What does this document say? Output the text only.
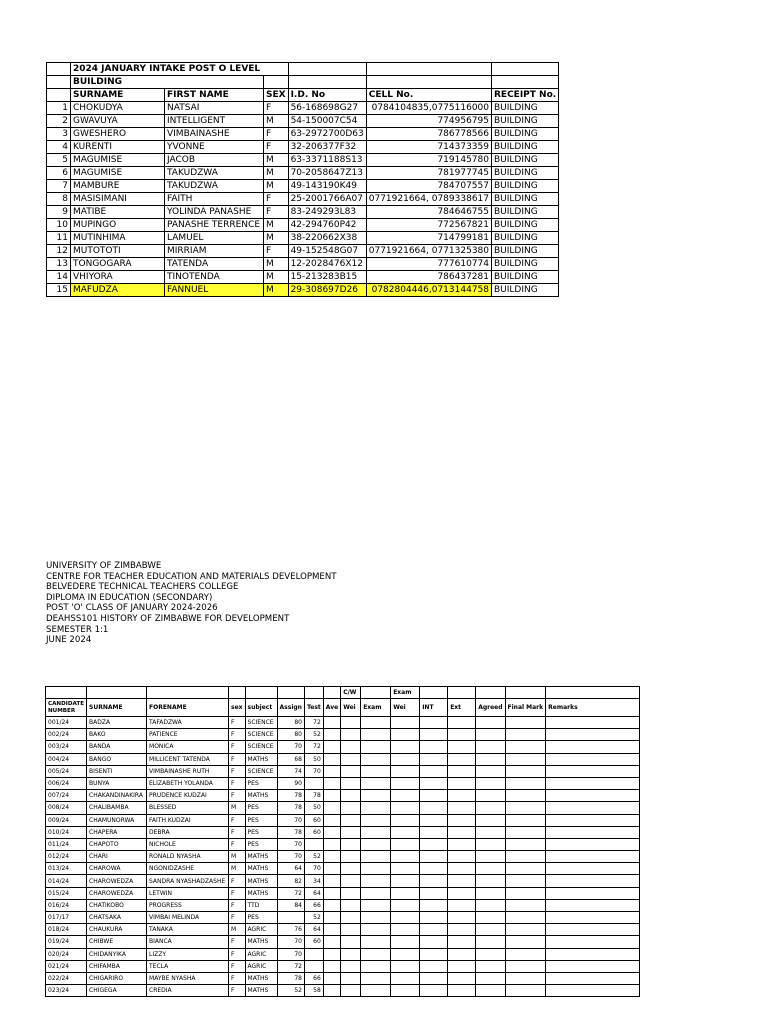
	2024 JANUARY INTAKE POST O LEVEL					
	BUILDING					
	SURNAME	FIRST NAME	SEX	I.D. No	CELL No.	RECEIPT No.
1	CHOKUDYA	NATSAI	F	56-168698G27	0784104835,0775116000	BUILDING
2	GWAVUYA	INTELLIGENT	M	54-150007C54	774956795	BUILDING
3	GWESHERO	VIMBAINASHE	F	63-2972700D63	786778566	BUILDING
4	KURENTI	YVONNE	F	32-206377F32	714373359	BUILDING
5	MAGUMISE	JACOB	M	63-3371188S13	719145780	BUILDING
6	MAGUMISE	TAKUDZWA	M	70-2058647Z13	781977745	BUILDING
7	MAMBURE	TAKUDZWA	M	49-143190K49	784707557	BUILDING
8	MASISIMANI	FAITH	F	25-2001766A07	0771921664, 0789338617	BUILDING
9	MATIBE	YOLINDA PANASHE	F	83-249293L83	784646755	BUILDING
10	MUPINGO	PANASHE TERRENCE	M	42-294760P42	772567821	BUILDING
11	MUTINHIMA	LAMUEL	M	38-220662X38	714799181	BUILDING
12	MUTOTOTI	MIRRIAM	F	49-152548G07	0771921664, 0771325380	BUILDING
13	TONGOGARA	TATENDA	M	12-2028476X12	777610774	BUILDING
14	VHIYORA	TINOTENDA	M	15-213283B15	786437281	BUILDING
15	MAFUDZA	FANNUEL	M	29-308697D26	0782804446,0713144758	BUILDING
UNIVERSITY OF ZIMBABWE
CENTRE FOR TEACHER EDUCATION AND MATERIALS DEVELOPMENT
BELVEDERE TECHNICAL TEACHERS COLLEGE
DIPLOMA IN EDUCATION (SECONDARY)
POST 'O' CLASS OF JANUARY 2024-2026
DEAHSS101 HISTORY OF ZIMBABWE FOR DEVELOPMENT
SEMESTER 1:1
JUNE 2024
								C/W		Exam					
CANDIDATE NUMBER	SURNAME	FORENAME	sex	subject	Assign	Test	Ave	Wei	Exam	Wei	INT	Ext	Agreed	Final Mark	Remarks
001/24	BADZA	TAFADZWA	F	SCIENCE	80	72									
002/24	BAKO	PATIENCE	F	SCIENCE	80	52									
003/24	BANDA	MONICA	F	SCIENCE	70	72									
004/24	BANGO	MILLICENT TATENDA	F	MATHS	68	50									
005/24	BISENTI	VIMBAINASHE RUTH	F	SCIENCE	74	70									
006/24	BUNYA	ELIZABETH YOLANDA	F	PES	90										
007/24	CHAKANDINAKIRA	PRUDENCE KUDZAI	F	MATHS	78	78									
008/24	CHALIBAMBA	BLESSED	M	PES	78	50									
009/24	CHAMUNORWA	FAITH KUDZAI	F	PES	70	60									
010/24	CHAPERA	DEBRA	F	PES	78	60									
011/24	CHAPOTO	NICHOLE	F	PES	70										
012/24	CHARI	RONALD NYASHA	M	MATHS	70	52									
013/24	CHAROWA	NGONIDZASHE	M	MATHS	64	70									
014/24	CHAROWEDZA	SANDRA NYASHADZASHE	F	MATHS	82	34									
015/24	CHAROWEDZA	LETWIN	F	MATHS	72	64									
016/24	CHATIKOBO	PROGRESS	F	TTD	84	66									
017/17	CHATSAKA	VIMBAI MELINDA	F	PES		52									
018/24	CHAUKURA	TANAKA	M	AGRIC	76	64									
019/24	CHIBWE	BIANCA	F	MATHS	70	60									
020/24	CHIDANYIKA	LIZZY	F	AGRIC	70										
021/24	CHIFAMBA	TECLA	F	AGRIC	72										
022/24	CHIGARIRO	MAYBE NYASHA	F	MATHS	78	66									
023/24	CHIGEGA	CREDIA	F	MATHS	52	58									
